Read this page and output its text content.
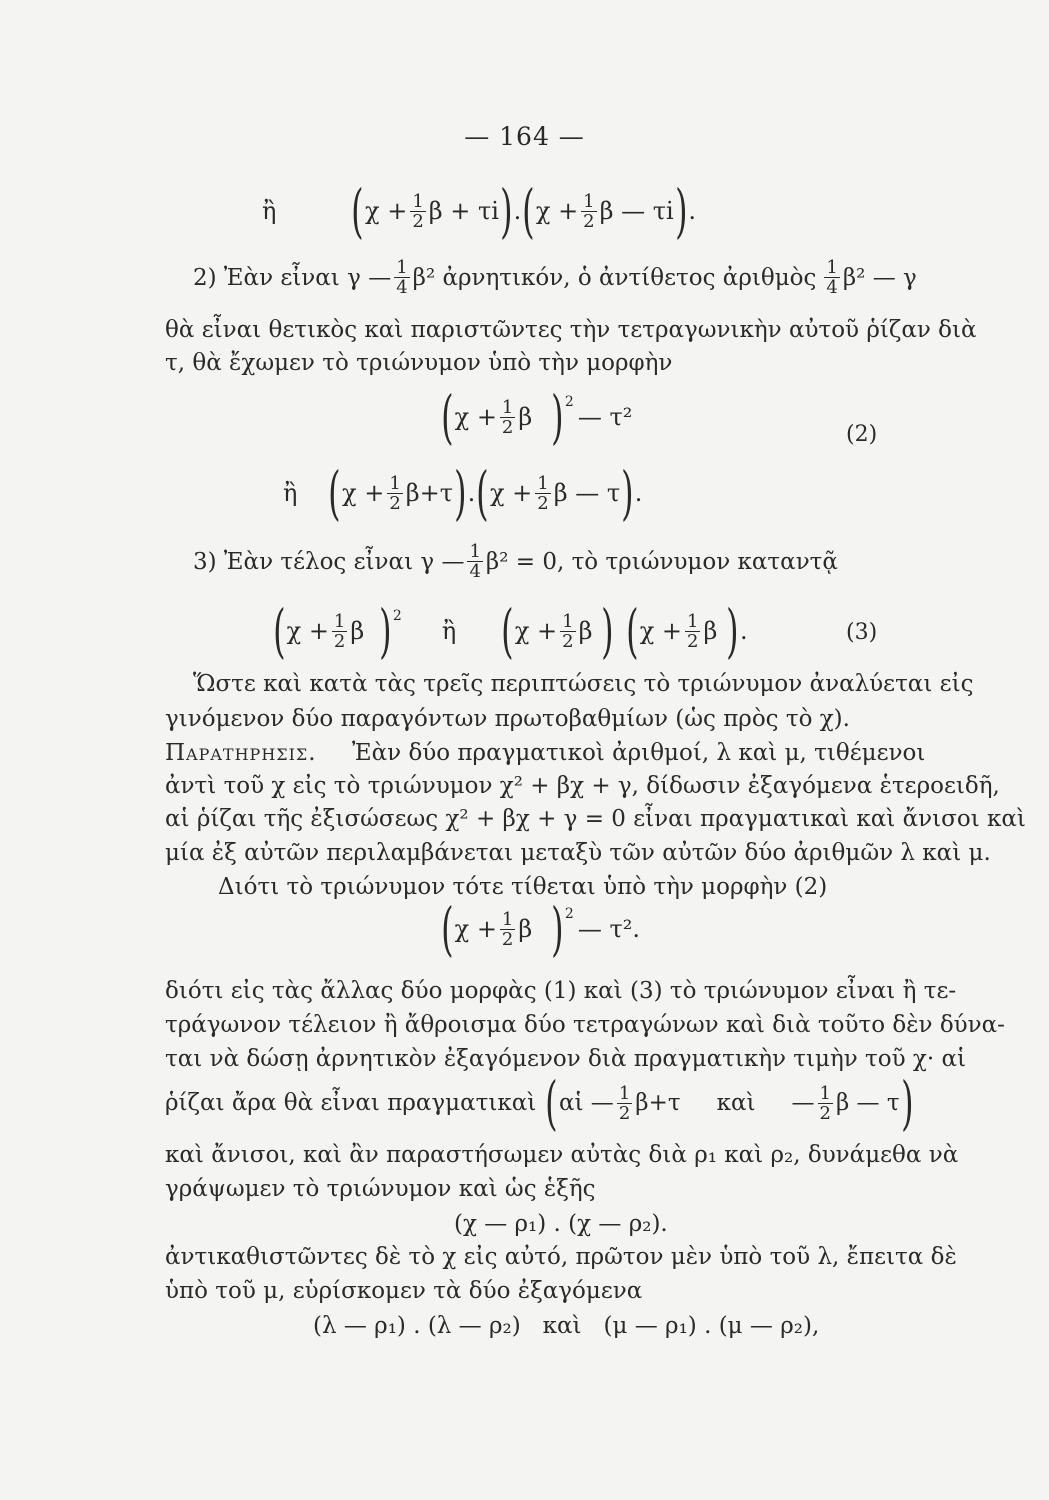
— 164 —
ἢ ( $\chi + \frac{1}{2}$ β + τi ) . ( $\chi + \frac{1}{2}$ β — τi ) .
2) Ἐὰν εἶναι γ — $\frac{1}{4} \beta^2$ ἀρνητικόν, ὁ ἀντίθετος ἀριθμὸς $\frac{1}{4} \beta^2$ — γ
θὰ εἶναι θετικὸς καὶ παριστῶντες τὴν τετραγωνικὴν αὐτοῦ ῥίζαν διὰ
τ, θὰ ἔχωμεν τὸ τριώνυμον ὑπὸ τὴν μορφὴν
( $\chi + \frac{1}{2}$ β )$^2$
— τ²
(2)
ἢ ( $\chi + \frac{1}{2} \beta+\tau$ ) . ( $\chi + \frac{1}{2}$ β — τ ) .
3) Ἐὰν τέλος εἶναι γ — $\frac{1}{4} \beta^2 = 0$, τὸ τριώνυμον καταντᾷ
( $\chi + \frac{1}{2}$ β )$^2$
ἢ ( $\chi + \frac{1}{2}$ β ) ( $\chi + \frac{1}{2}$ β ) .	(3)
Ὥστε καὶ κατὰ τὰς τρεῖς περιπτώσεις τὸ τριώνυμον ἀναλύεται εἰς
γινόμενον δύο παραγόντων πρωτοβαθμίων (ὡς πρὸς τὸ χ).
Παρατηρησις. Ἐὰν δύο πραγματικοὶ ἀριθμοί, λ καὶ μ, τιθέμενοι
ἀντὶ τοῦ χ εἰς τὸ τριώνυμον χ² + βχ + γ, δίδωσιν ἐξαγόμενα ἑτεροειδῆ,
αἱ ῥίζαι τῆς ἐξισώσεως χ² + βχ + γ = 0 εἶναι πραγματικαὶ καὶ ἄνισοι καὶ
μία ἐξ αὐτῶν περιλαμβάνεται μεταξὺ τῶν αὐτῶν δύο ἀριθμῶν λ καὶ μ.
Διότι τὸ τριώνυμον τότε τίθεται ὑπὸ τὴν μορφὴν (2)
( $\chi + \frac{1}{2}$ β )$^2$
— τ².
διότι εἰς τὰς ἄλλας δύο μορφὰς (1) καὶ (3) τὸ τριώνυμον εἶναι ἢ τε-
τράγωνον τέλειον ἢ ἄθροισμα δύο τετραγώνων καὶ διὰ τοῦτο δὲν δύνα-
ται νὰ δώσῃ ἀρνητικὸν ἐξαγόμενον διὰ πραγματικὴν τιμὴν τοῦ χ· αἱ
ῥίζαι ἄρα θὰ εἶναι πραγματικαὶ ( αἱ — $\frac{1}{2} \beta+\tau$ καὶ — $\frac{1}{2}$ β — τ )
καὶ ἄνισοι, καὶ ἂν παραστήσωμεν αὐτὰς διὰ ρ₁ καὶ ρ₂, δυνάμεθα νὰ
γράψωμεν τὸ τριώνυμον καὶ ὡς ἑξῆς
(χ — ρ₁) . (χ — ρ₂).
ἀντικαθιστῶντες δὲ τὸ χ εἰς αὐτό, πρῶτον μὲν ὑπὸ τοῦ λ, ἔπειτα δὲ
ὑπὸ τοῦ μ, εὑρίσκομεν τὰ δύο ἐξαγόμενα
(λ — ρ₁) . (λ — ρ₂)   καὶ   (μ — ρ₁) . (μ — ρ₂),
